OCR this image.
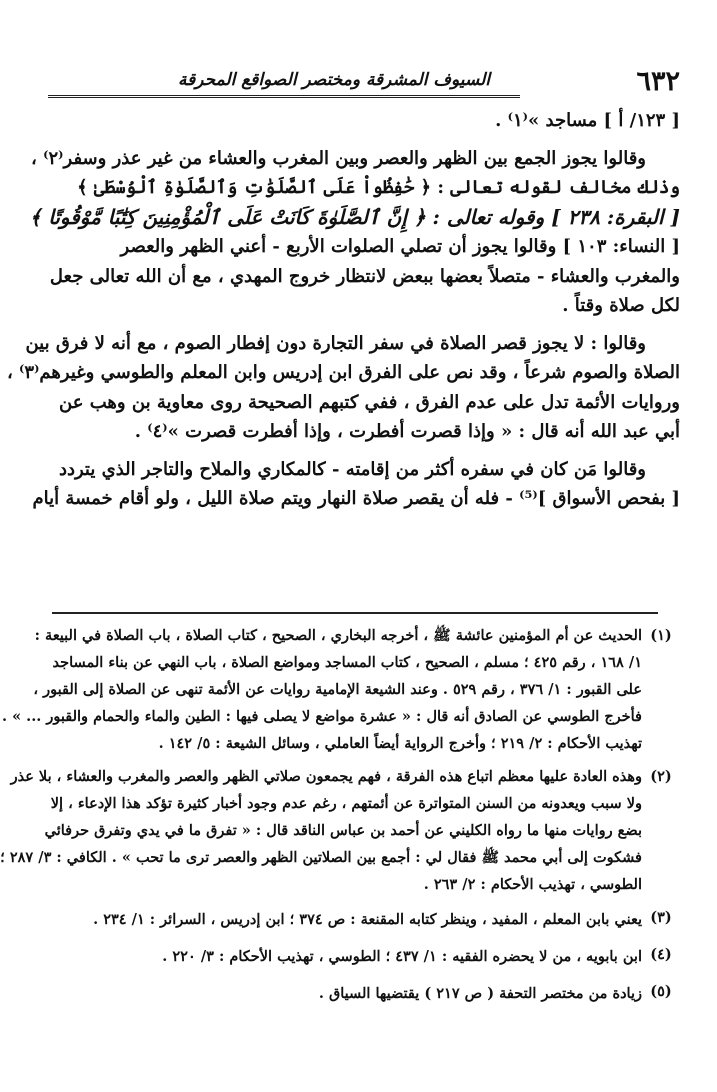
٦٣٢
السيوف المشرقة ومختصر الصواقع المحرقة
[ ١٢٣/ أ ] مساجد »⁽١⁾ .
وقالوا يجوز الجمع بين الظهر والعصر وبين المغرب والعشاء من غير عذر وسفر⁽٢⁾ ،
وذلك مخالف لقوله تعالى : ﴿ حَٰفِظُواْ عَلَى ٱلصَّلَوَٰتِ وَٱلصَّلَوٰةِ ٱلْوُسْطَىٰ ﴾
[ البقرة: ٢٣٨ ] وقوله تعالى : ﴿ إِنَّ ٱلصَّلَوٰةَ كَانَتْ عَلَى ٱلْمُؤْمِنِينَ كِتَٰبًا مَّوْقُوتًا ﴾
[ النساء: ١٠٣ ] وقالوا يجوز أن تصلي الصلوات الأربع - أعني الظهر والعصر
والمغرب والعشاء - متصلاً بعضها ببعض لانتظار خروج المهدي ، مع أن الله تعالى جعل
لكل صلاة وقتاً .
وقالوا : لا يجوز قصر الصلاة في سفر التجارة دون إفطار الصوم ، مع أنه لا فرق بين
الصلاة والصوم شرعاً ، وقد نص على الفرق ابن إدريس وابن المعلم والطوسي وغيرهم⁽٣⁾ ،
وروايات الأئمة تدل على عدم الفرق ، ففي كتبهم الصحيحة روى معاوية بن وهب عن
أبي عبد الله أنه قال : « وإذا قصرت أفطرت ، وإذا أفطرت قصرت »⁽٤⁾ .
وقالوا مَن كان في سفره أكثر من إقامته - كالمكاري والملاح والتاجر الذي يتردد
[ بفحص الأسواق ]⁽⁵⁾ - فله أن يقصر صلاة النهار ويتم صلاة الليل ، ولو أقام خمسة أيام
(١)
الحديث عن أم المؤمنين عائشة ﷺ ، أخرجه البخاري ، الصحيح ، كتاب الصلاة ، باب الصلاة في البيعة :
١/ ١٦٨ ، رقم ٤٢٥ ؛ مسلم ، الصحيح ، كتاب المساجد ومواضع الصلاة ، باب النهي عن بناء المساجد
على القبور : ١/ ٣٧٦ ، رقم ٥٢٩ . وعند الشيعة الإمامية روايات عن الأئمة تنهى عن الصلاة إلى القبور ،
فأخرج الطوسي عن الصادق أنه قال : « عشرة مواضع لا يصلى فيها : الطين والماء والحمام والقبور ... » .
تهذيب الأحكام : ٢/ ٢١٩ ؛ وأخرج الرواية أيضاً العاملي ، وسائل الشيعة : ٥/ ١٤٢ .
(٢)
وهذه العادة عليها معظم اتباع هذه الفرقة ، فهم يجمعون صلاتي الظهر والعصر والمغرب والعشاء ، بلا عذر
ولا سبب ويعدونه من السنن المتواترة عن أئمتهم ، رغم عدم وجود أخبار كثيرة تؤكد هذا الإدعاء ، إلا
بضع روايات منها ما رواه الكليني عن أحمد بن عباس الناقد قال : « تفرق ما في يدي وتفرق حرفائي
فشكوت إلى أبي محمد ﷺ فقال لي : أجمع بين الصلاتين الظهر والعصر ترى ما تحب » . الكافي : ٣/ ٢٨٧ ؛
الطوسي ، تهذيب الأحكام : ٢/ ٢٦٣ .
(٣)
يعني بابن المعلم ، المفيد ، وينظر كتابه المقنعة : ص ٣٧٤ ؛ ابن إدريس ، السرائر : ١/ ٢٣٤ .
(٤)
ابن بابويه ، من لا يحضره الفقيه : ١/ ٤٣٧ ؛ الطوسي ، تهذيب الأحكام : ٣/ ٢٢٠ .
(٥)
زيادة من مختصر التحفة ( ص ٢١٧ ) يقتضيها السياق .
